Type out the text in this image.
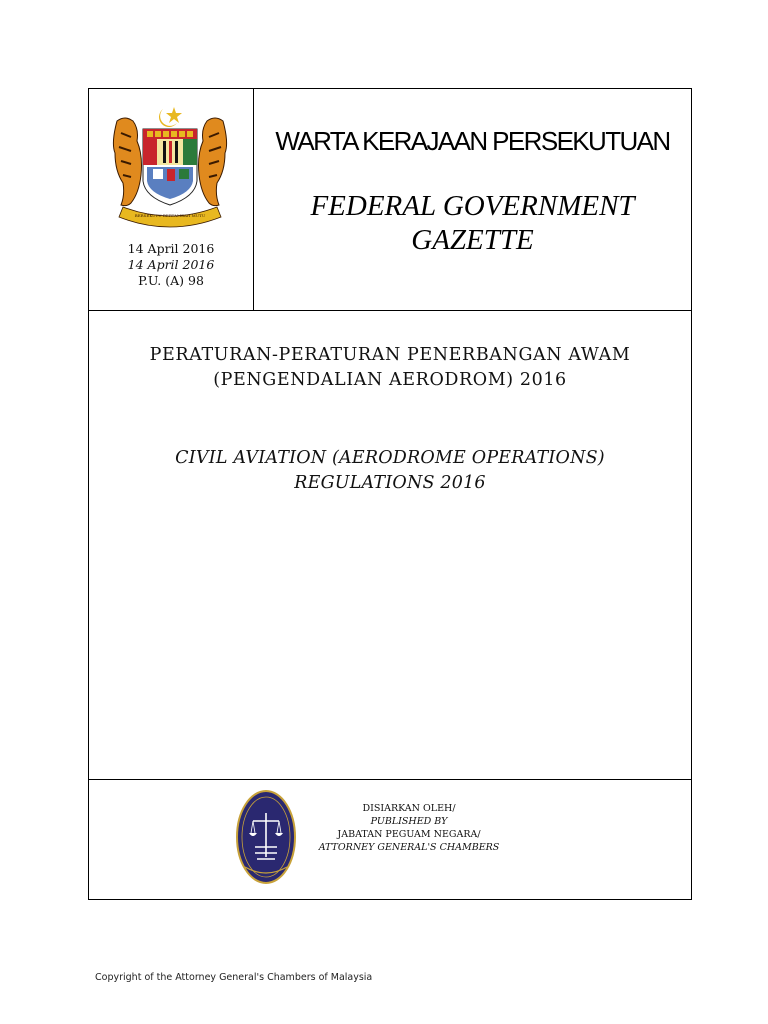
BERSEKUTU BERTAMBAH MUTU
14 April 2016
14 April 2016
P.U. (A) 98
WARTA KERAJAAN PERSEKUTUAN
FEDERAL GOVERNMENT
GAZETTE
PERATURAN-PERATURAN PENERBANGAN AWAM
(PENGENDALIAN AERODROM) 2016
CIVIL AVIATION (AERODROME OPERATIONS)
REGULATIONS 2016
DISIARKAN OLEH/
PUBLISHED BY
JABATAN PEGUAM NEGARA/
ATTORNEY GENERAL'S CHAMBERS
Copyright of the Attorney General's Chambers of Malaysia
